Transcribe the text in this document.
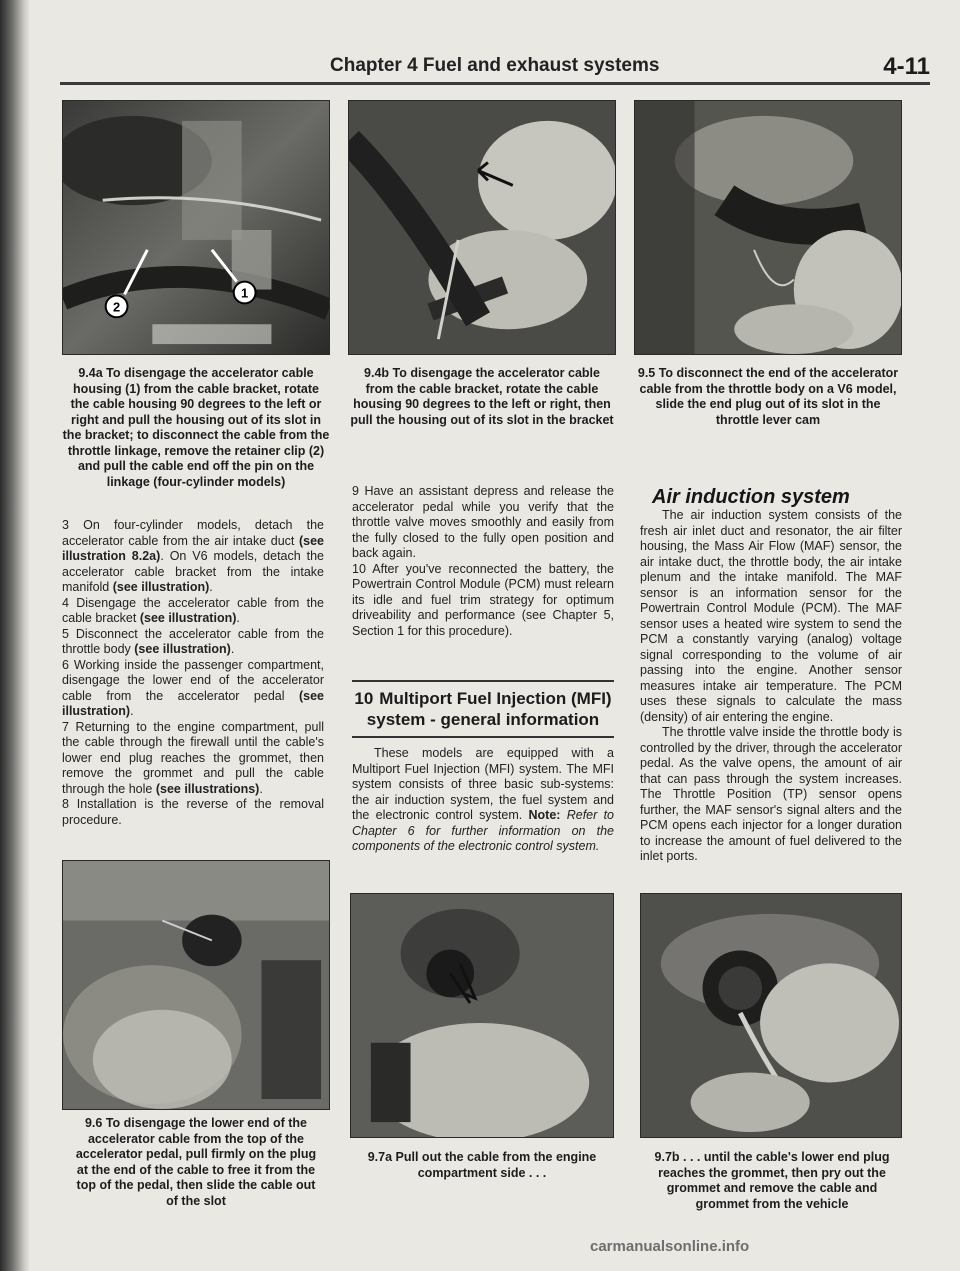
Chapter 4 Fuel and exhaust systems	4-11
2
1
9.4a To disengage the accelerator cable housing (1) from the cable bracket, rotate the cable housing 90 degrees to the left or right and pull the housing out of its slot in the bracket; to disconnect the cable from the throttle linkage, remove the retainer clip (2) and pull the cable end off the pin on the linkage (four-cylinder models)
9.4b To disengage the accelerator cable from the cable bracket, rotate the cable housing 90 degrees to the left or right, then pull the housing out of its slot in the bracket
9.5 To disconnect the end of the accelerator cable from the throttle body on a V6 model, slide the end plug out of its slot in the throttle lever cam

3 On four-cylinder models, detach the accelerator cable from the air intake duct (see illustration 8.2a). On V6 models, detach the accelerator cable bracket from the intake manifold (see illustration).

4 Disengage the accelerator cable from the cable bracket (see illustration).

5 Disconnect the accelerator cable from the throttle body (see illustration).

6 Working inside the passenger compartment, disengage the lower end of the accelerator cable from the accelerator pedal (see illustration).

7 Returning to the engine compartment, pull the cable through the firewall until the cable's lower end plug reaches the grommet, then remove the grommet and pull the cable through the hole (see illustrations).

8 Installation is the reverse of the removal procedure.

9 Have an assistant depress and release the accelerator pedal while you verify that the throttle valve moves smoothly and easily from the fully closed to the fully open position and back again.

10 After you've reconnected the battery, the Powertrain Control Module (PCM) must relearn its idle and fuel trim strategy for optimum driveability and performance (see Chapter 5, Section 1 for this procedure).

10 Multiport Fuel Injection (MFI) system - general information

These models are equipped with a Multiport Fuel Injection (MFI) system. The MFI system consists of three basic sub-systems: the air induction system, the fuel system and the electronic control system. Note: Refer to Chapter 6 for further information on the components of the electronic control system.

Air induction system

The air induction system consists of the fresh air inlet duct and resonator, the air filter housing, the Mass Air Flow (MAF) sensor, the air intake duct, the throttle body, the air intake plenum and the intake manifold. The MAF sensor is an information sensor for the Powertrain Control Module (PCM). The MAF sensor uses a heated wire system to send the PCM a constantly varying (analog) voltage signal corresponding to the volume of air passing into the engine. Another sensor measures intake air temperature. The PCM uses these signals to calculate the mass (density) of air entering the engine.

The throttle valve inside the throttle body is controlled by the driver, through the accelerator pedal. As the valve opens, the amount of air that can pass through the system increases. The Throttle Position (TP) sensor opens further, the MAF sensor's signal alters and the PCM opens each injector for a longer duration to increase the amount of fuel delivered to the inlet ports.

9.6 To disengage the lower end of the accelerator cable from the top of the accelerator pedal, pull firmly on the plug at the end of the cable to free it from the top of the pedal, then slide the cable out of the slot
9.7a Pull out the cable from the engine compartment side . . .
9.7b . . . until the cable's lower end plug reaches the grommet, then pry out the grommet and remove the cable and grommet from the vehicle
carmanualsonline.info
